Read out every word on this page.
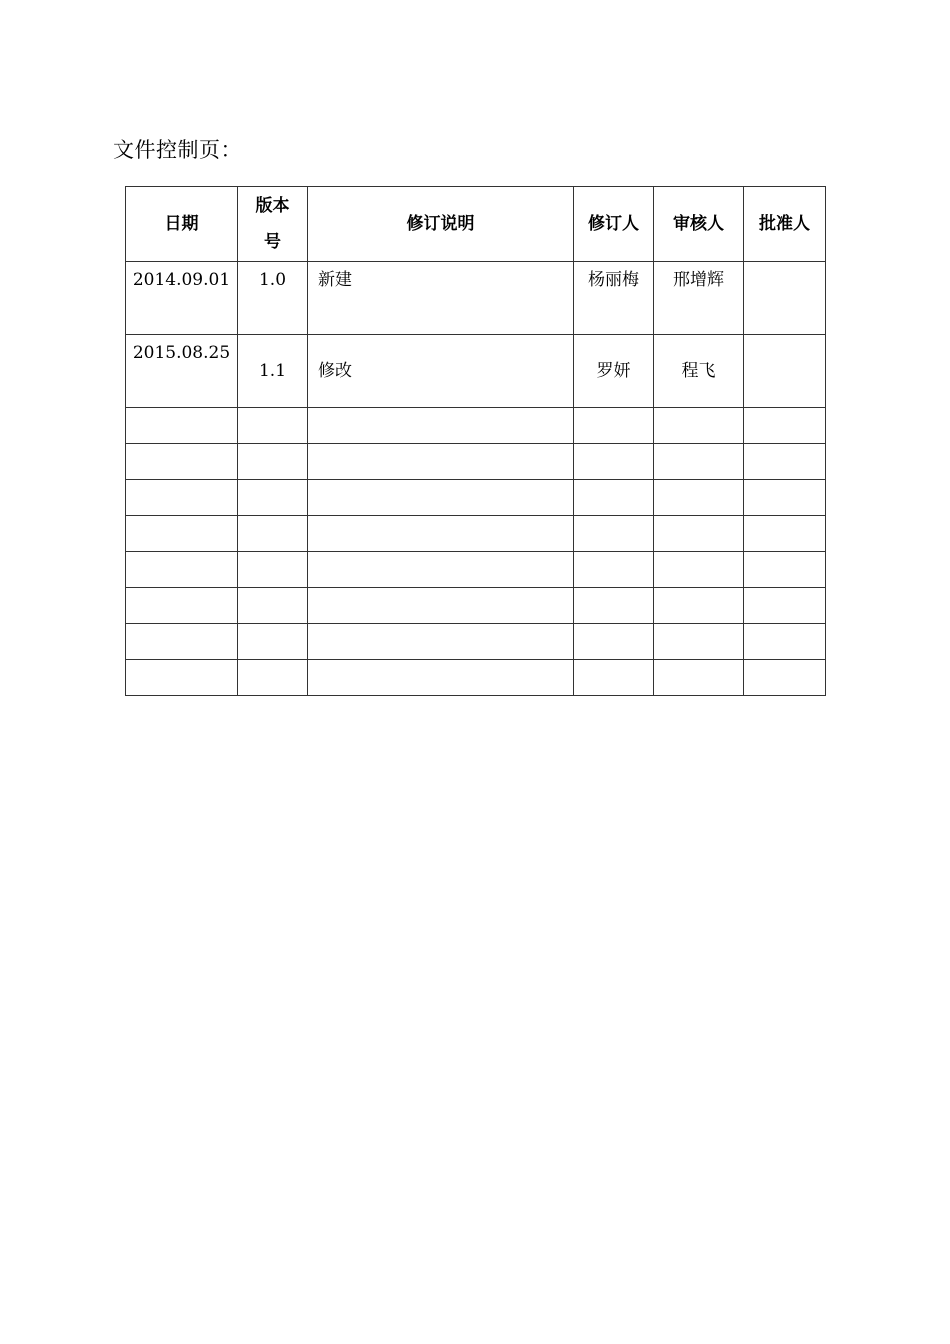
文件控制页：
日期	版本号	修订说明	修订人	审核人	批准人
2014.09.01	1.0	新建	杨丽梅	邢增辉	
2015.08.25	1.1	修改	罗妍	程飞	
